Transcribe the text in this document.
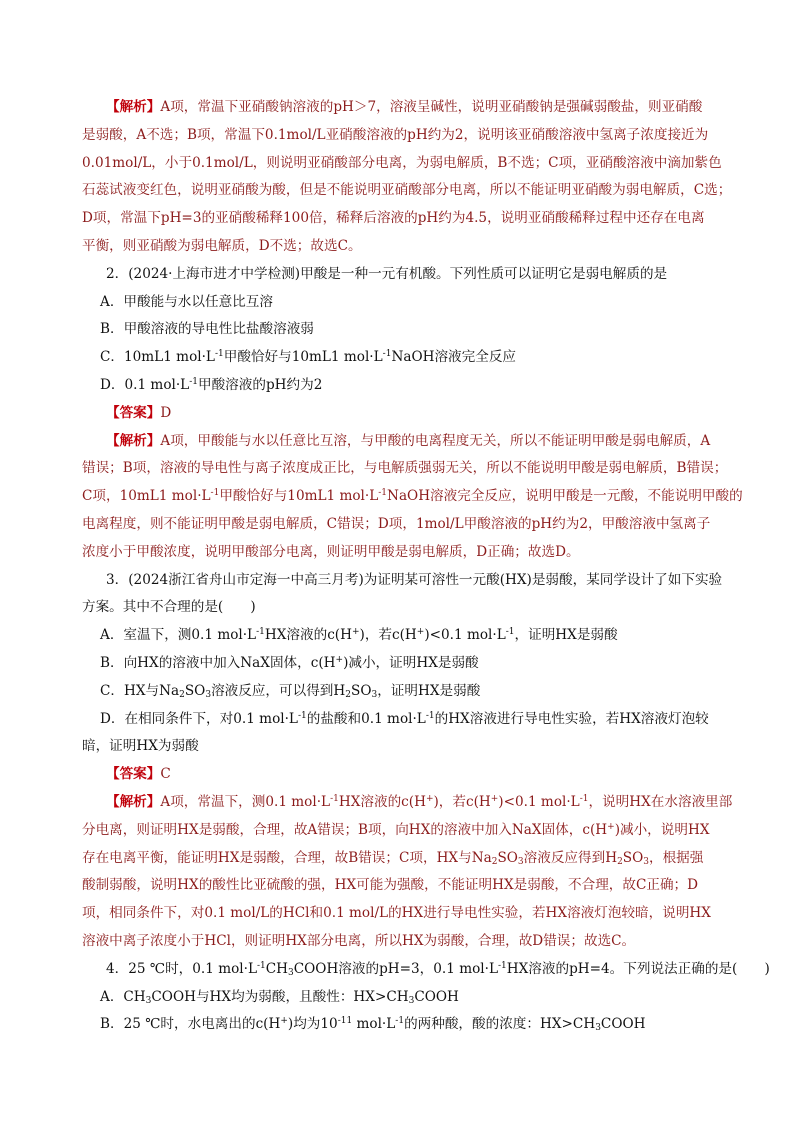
【解析】A项，常温下亚硝酸钠溶液的pH＞7，溶液呈碱性，说明亚硝酸钠是强碱弱酸盐，则亚硝酸
是弱酸，A不选；B项，常温下0.1mol/L亚硝酸溶液的pH约为2，说明该亚硝酸溶液中氢离子浓度接近为
0.01mol/L，小于0.1mol/L，则说明亚硝酸部分电离，为弱电解质，B不选；C项，亚硝酸溶液中滴加紫色
石蕊试液变红色，说明亚硝酸为酸，但是不能说明亚硝酸部分电离，所以不能证明亚硝酸为弱电解质，C选；
D项，常温下pH=3的亚硝酸稀释100倍，稀释后溶液的pH约为4.5，说明亚硝酸稀释过程中还存在电离
平衡，则亚硝酸为弱电解质，D不选；故选C。
2．(2024·上海市进才中学检测)甲酸是一种一元有机酸。下列性质可以证明它是弱电解质的是
A．甲酸能与水以任意比互溶
B．甲酸溶液的导电性比盐酸溶液弱
C．10mL1 $mol\cdot L^{-1}$甲酸恰好与10mL1 $mol\cdot L^{-1}NaOH$溶液完全反应
D．0.1 $mol\cdot L^{-1}$甲酸溶液的pH约为2
【答案】D
【解析】A项，甲酸能与水以任意比互溶，与甲酸的电离程度无关，所以不能证明甲酸是弱电解质，A
错误；B项，溶液的导电性与离子浓度成正比，与电解质强弱无关，所以不能说明甲酸是弱电解质，B错误；
C项，10mL1 $mol\cdot L^{-1}$甲酸恰好与10mL1 $mol\cdot L^{-1}NaOH$溶液完全反应，说明甲酸是一元酸，不能说明甲酸的
电离程度，则不能证明甲酸是弱电解质，C错误；D项，1mol/L甲酸溶液的pH约为2，甲酸溶液中氢离子
浓度小于甲酸浓度，说明甲酸部分电离，则证明甲酸是弱电解质，D正确；故选D。
3．(2024浙江省舟山市定海一中高三月考)为证明某可溶性一元酸(HX)是弱酸，某同学设计了如下实验
方案。其中不合理的是(　　)
A．室温下，测0.1 $mol\cdot L^{-1}HX$溶液的c(H+)，若c(H+)<0.1 $mol\cdot L^{-1}$，证明HX是弱酸
B．向HX的溶液中加入NaX固体，c(H+)减小，证明HX是弱酸
C．HX与$Na_2SO_3$溶液反应，可以得到$H_2SO_3$，证明HX是弱酸
D．在相同条件下，对0.1 $mol\cdot L^{-1}$的盐酸和0.1 $mol\cdot L^{-1}$的HX溶液进行导电性实验，若HX溶液灯泡较
暗，证明HX为弱酸
【答案】C
【解析】A项，常温下，测0.1 $mol\cdot L^{-1}HX$溶液的c(H+)，若c(H+)<0.1 $mol\cdot L^{-1}$，说明HX在水溶液里部
分电离，则证明HX是弱酸，合理，故A错误；B项，向HX的溶液中加入NaX固体，c(H+)减小，说明HX
存在电离平衡，能证明HX是弱酸，合理，故B错误；C项，HX与$Na_2SO_3$溶液反应得到$H_2SO_3$，根据强
酸制弱酸，说明HX的酸性比亚硫酸的强，HX可能为强酸，不能证明HX是弱酸，不合理，故C正确；D
项，相同条件下，对0.1 mol/L的HCl和0.1 mol/L的HX进行导电性实验，若HX溶液灯泡较暗，说明HX
溶液中离子浓度小于HCl，则证明HX部分电离，所以HX为弱酸，合理，故D错误；故选C。
4．25 ℃时，0.1 $mol\cdot L^{-1}CH_3COOH$溶液的pH=3，0.1 $mol\cdot L^{-1}HX$溶液的pH=4。下列说法正确的是(　　)
A．$CH_3COOH$与HX均为弱酸，且酸性：$HX>CH_3COOH$
B．25 ℃时，水电离出的c(H+)均为$10^{-11}$ $mol\cdot L^{-1}$的两种酸，酸的浓度：$HX>CH_3COOH$
